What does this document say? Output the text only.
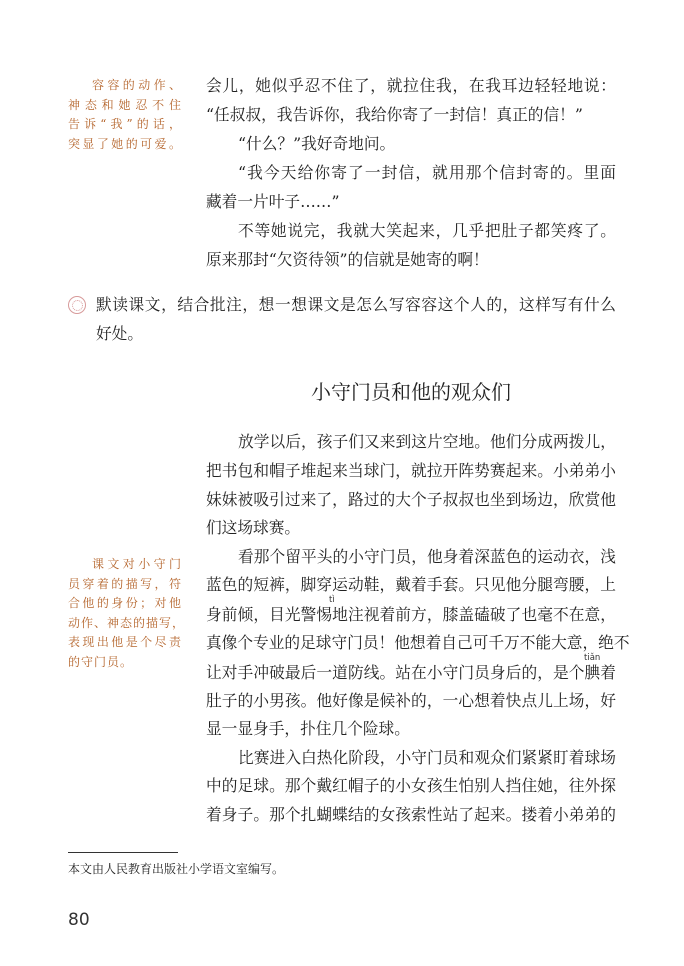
容容的动作、
神态和她忍不住
告诉“我”的话，
突显了她的可爱。
会儿，她似乎忍不住了，就拉住我，在我耳边轻轻地说：
“任叔叔，我告诉你，我给你寄了一封信！真正的信！”
“什么？”我好奇地问。
“我今天给你寄了一封信，就用那个信封寄的。里面
藏着一片叶子……”
不等她说完，我就大笑起来，几乎把肚子都笑疼了。
原来那封“欠资待领”的信就是她寄的啊！
默读课文，结合批注，想一想课文是怎么写容容这个人的，这样写有什么
好处。
小守门员和他的观众们
课文对小守门
员穿着的描写，符
合他的身份；对他
动作、神态的描写，
表现出他是个尽责
的守门员。
放学以后，孩子们又来到这片空地。他们分成两拨儿，
把书包和帽子堆起来当球门，就拉开阵势赛起来。小弟弟小
妹妹被吸引过来了，路过的大个子叔叔也坐到场边，欣赏他
们这场球赛。
看那个留平头的小守门员，他身着深蓝色的运动衣，浅
蓝色的短裤，脚穿运动鞋，戴着手套。只见他分腿弯腰，上
身前倾，目光警惕地注视着前方，膝盖磕破了也毫不在意，
真像个专业的足球守门员！他想着自己可千万不能大意，绝不
让对手冲破最后一道防线。站在小守门员身后的，是个腆着
肚子的小男孩。他好像是候补的，一心想着快点儿上场，好
显一显身手，扑住几个险球。
比赛进入白热化阶段，小守门员和观众们紧紧盯着球场
中的足球。那个戴红帽子的小女孩生怕别人挡住她，往外探
着身子。那个扎蝴蝶结的女孩索性站了起来。搂着小弟弟的
tì
tiǎn
本文由人民教育出版社小学语文室编写。
80
